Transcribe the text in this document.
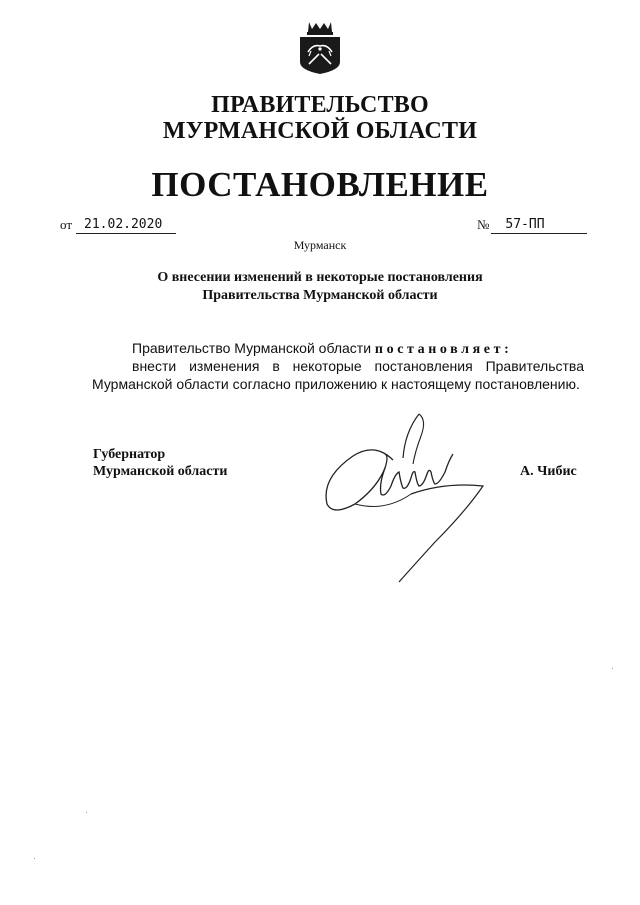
ПРАВИТЕЛЬСТВО
МУРМАНСКОЙ ОБЛАСТИ
ПОСТАНОВЛЕНИЕ
от 21.02.2020	№ 57-ПП
Мурманск
О внесении изменений в некоторые постановления
Правительства Мурманской области
Правительство Мурманской области постановляет:
внести изменения в некоторые постановления Правительства
Мурманской области согласно приложению к настоящему постановлению.
Губернатор
Мурманской области	А. Чибис
